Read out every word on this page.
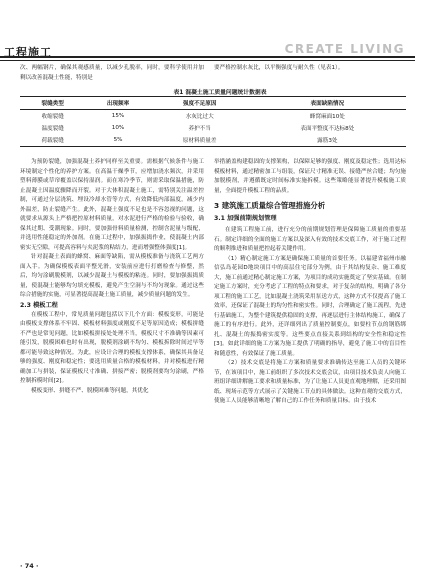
工程施工	CREATE LIVING
次、两幅钢片，确保其观感质量，以减少孔脱率，同时，要科学使用并加剩以改善混凝土性能，特别是
要严格控制水灰比，以平衡强度与耐久性（见表1）。
表1 混凝土施工质量问题统计数据表
裂缝类型	出现频率	强度不足原因	表面缺陷情况
收缩裂缝	15%	水灰比过大	蜂窝麻面10处
温度裂缝	10%	养护不当	表面平整度不达标8处
荷载裂缝	5%	原材料质量差	露筋3处

为预防裂缝，加强混凝土养护同样至关重要。需根据气候条件与施工环境制定个性化的养护方案。在高温干燥季节，应增加浇水频次，并采用塑料薄膜或草帘覆盖以保持湿润。而在寒冷季节，则需采取保温措施，防止混凝土因温度骤降而开裂。对于大体积混凝土施工，需特别关注温差控制，可通过分层浇筑、埋设冷却水管等方式，有效降低内部温度，减少内外温差，防止裂缝产生。此外，混凝土强度不足也是不容忽视的问题，这就要求从源头上严格把控原材料质量，对水泥进行严格的检验与验收，确保其过期、受潮现象。同时，要加强骨料质量检测，控制含泥量与级配，并选用性能稳定的外加剂。在施工过程中，加强振捣作业，使混凝土内部密实无空隙，可提高容料与夹泥浆的粘结力，进而增强整体强度[1]。

针对混凝土表面的蜂窝、麻面等缺陷，需从模板准备与浇筑工艺两方面入手。为确保模板表面平整光滑，安装前应进行打磨检查与修整，然后，均匀涂刷脱模剂，以减少混凝土与模板的粘连。同时，要加强振捣质量，使混凝土能够均匀填充模板，避免产生空洞与不均匀现象。通过这些综合措施的实施，可显著提高混凝土施工质量，减少质量问题的发生。

2.3 模板工程

在模板工程中，常见质量问题包括以下几个方面：模板变形，可能是由模板支撑体系不牢固、模板材料强度或刚度不足等原因造成；模板拼缝不严也是常见问题，比如模板拼接处处理不当，模板尺寸不准确等因素可能引发，脱模困难也时有出现，脱模剂涂刷不均匀、模板拆除时间过早等都可能导致这种情况。为此，应设计合理的模板支撑体系，确保其具备足够的强度、刚度和稳定性；要选用质量合格的模板材料，并对模板进行精确加工与拼装，保证模板尺寸准确、拼接严密；脱模剂要均匀涂刷，严格控制拆模时间[2]。

模板变形、拼缝不严、脱模困难等问题，其优化

举措涵盖构建稳固的支撑架构，以保障足够的强度、刚度及稳定性；选用达标模板材料，通过精密加工与组装，保证尺寸精准无误、接缝严丝合缝；均匀施加脱模剂，并遵循既定时间标准实施拆模。这些策略能显著提升模板施工质量，全面提升模板工程的品质。

3 建筑施工质量综合管理措施分析
3.1 加强前期规划管理

在建筑工程施工前，进行充分的前期规划管理是保障施工质量的重要基石。制定详细的全面的施工方案以及深入有效的技术交底工作，对于施工过程的顺利推进和质量把控起着关键作用。

（1）精心制定施工方案是确保施工质量的首要任务。以福建省福州市融信弘岛花园D地块项目中的高层住宅部分为例，由于其结构复杂、施工难度大，施工前通过精心制定施工方案，为项目的成功实施奠定了坚实基础。在制定施工方案时，充分考虑了工程的特点和要求，对于复杂的结构，明确了各分项工程的施工工艺，比如混凝土浇筑采用泵送方式，这种方式不仅提高了施工效率，还保证了混凝土的均匀性和密实性。同时，合理确定了施工流程，先进行基础施工，为整个建筑提供稳固的支撑，再逐层进行主体结构施工，确保了施工的有序进行。此外，还详细列出了质量控制要点，如要柱节点的钢筋绑扎、混凝土的振捣密实度等。这些要点直接关系到结构的安全性和稳定性[3]。如此详细的施工方案为施工提供了明确的指导，避免了施工中的盲目性和随意性，有效保证了施工质量。

（2）技术交底是将施工方案和质量要求准确传达至施工人员的关键环节，在该项目中，施工前组织了多次技术交底会议，由项目技术负责人向施工班组详细讲解施工要求和质量标准，为了让施工人员更直观地理解，还采用图纸、现场示范等方式展示了关键施工节点的具体做法。这种直观的交底方式，使施工人员能够清晰地了解自己的工作任务和质量目标。由于技术

· 74 ·
